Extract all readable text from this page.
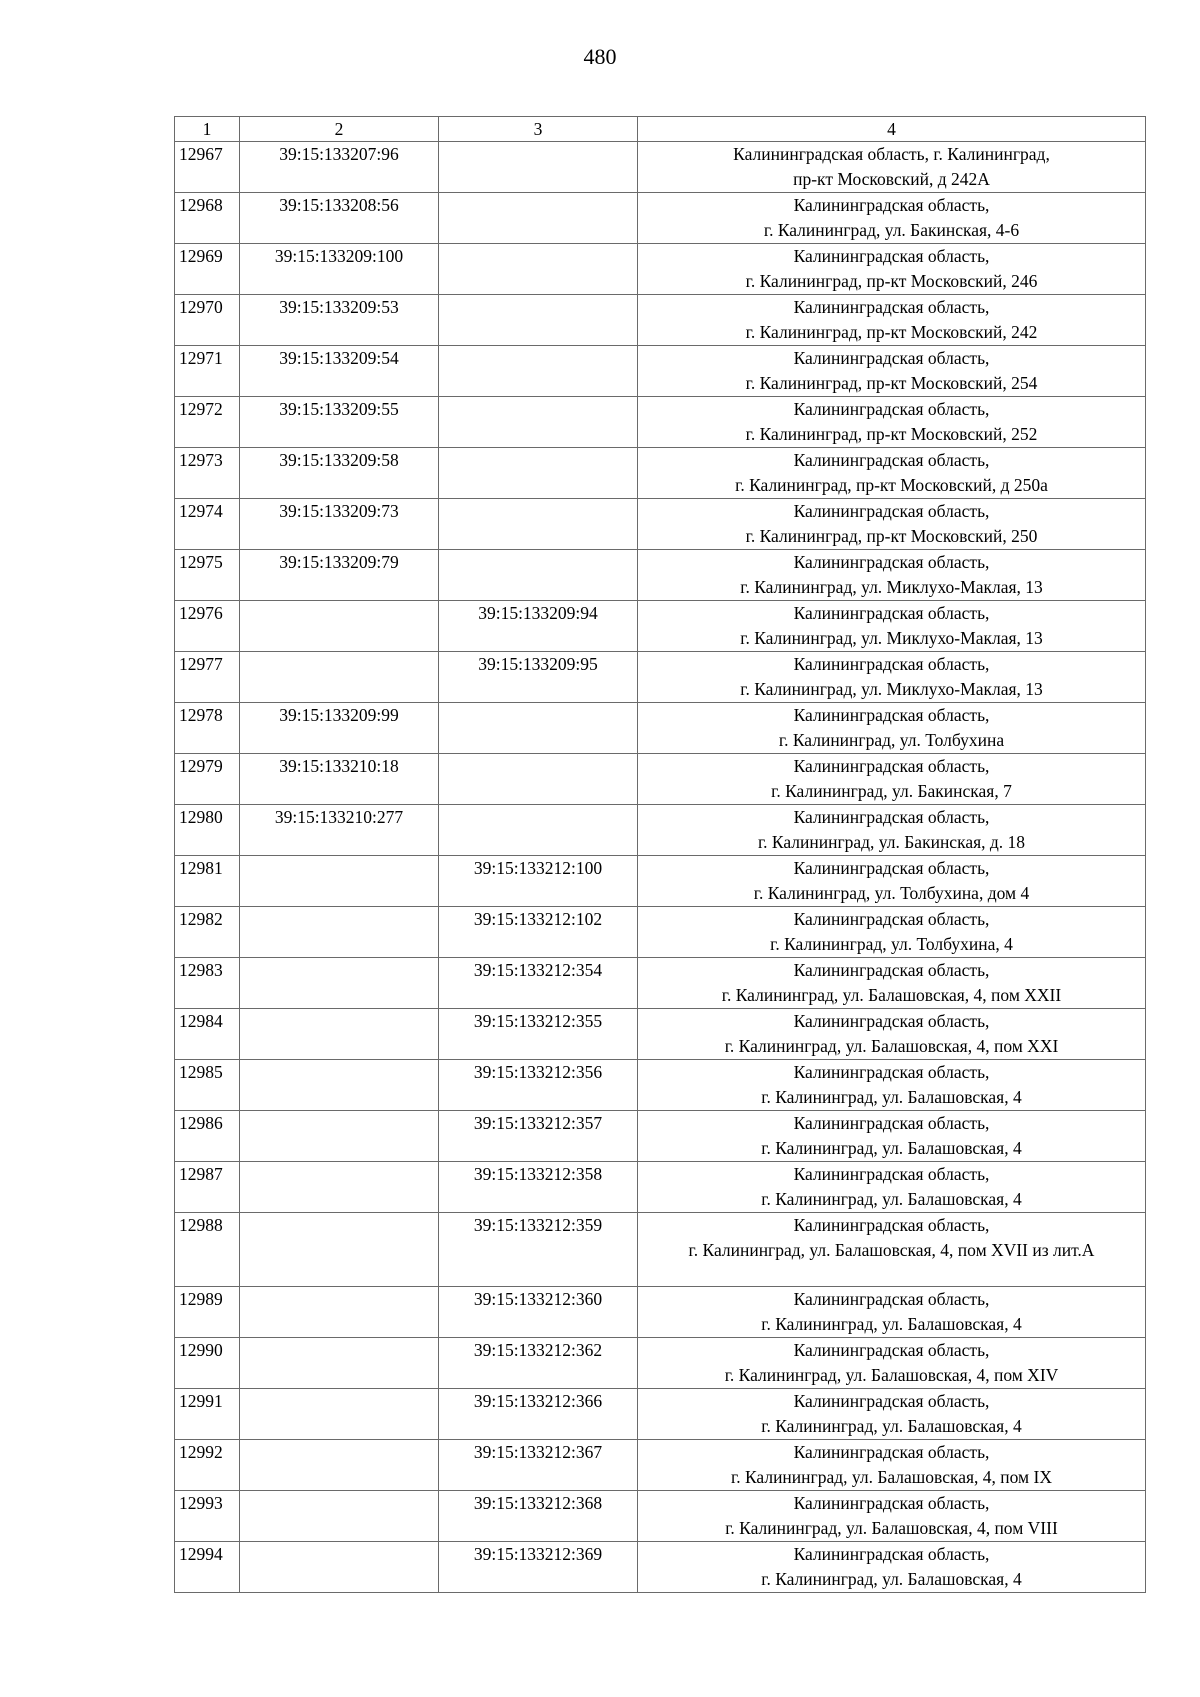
480
1	2	3	4
12967	39:15:133207:96		Калининградская область, г. Калининград,
пр-кт Московский, д 242А

12968	39:15:133208:56		Калининградская область,
г. Калининград, ул. Бакинская, 4-6

12969	39:15:133209:100		Калининградская область,
г. Калининград, пр-кт Московский, 246

12970	39:15:133209:53		Калининградская область,
г. Калининград, пр-кт Московский, 242

12971	39:15:133209:54		Калининградская область,
г. Калининград, пр-кт Московский, 254

12972	39:15:133209:55		Калининградская область,
г. Калининград, пр-кт Московский, 252

12973	39:15:133209:58		Калининградская область,
г. Калининград, пр-кт Московский, д 250а

12974	39:15:133209:73		Калининградская область,
г. Калининград, пр-кт Московский, 250

12975	39:15:133209:79		Калининградская область,
г. Калининград, ул. Миклухо-Маклая, 13

12976		39:15:133209:94	Калининградская область,
г. Калининград, ул. Миклухо-Маклая, 13

12977		39:15:133209:95	Калининградская область,
г. Калининград, ул. Миклухо-Маклая, 13

12978	39:15:133209:99		Калининградская область,
г. Калининград, ул. Толбухина

12979	39:15:133210:18		Калининградская область,
г. Калининград, ул. Бакинская, 7

12980	39:15:133210:277		Калининградская область,
г. Калининград, ул. Бакинская, д. 18

12981		39:15:133212:100	Калининградская область,
г. Калининград, ул. Толбухина, дом 4

12982		39:15:133212:102	Калининградская область,
г. Калининград, ул. Толбухина, 4

12983		39:15:133212:354	Калининградская область,
г. Калининград, ул. Балашовская, 4, пом XXII

12984		39:15:133212:355	Калининградская область,
г. Калининград, ул. Балашовская, 4, пом XXI

12985		39:15:133212:356	Калининградская область,
г. Калининград, ул. Балашовская, 4

12986		39:15:133212:357	Калининградская область,
г. Калининград, ул. Балашовская, 4

12987		39:15:133212:358	Калининградская область,
г. Калининград, ул. Балашовская, 4

12988		39:15:133212:359	Калининградская область,
г. Калининград, ул. Балашовская, 4, пом XVII из лит.А

12989		39:15:133212:360	Калининградская область,
г. Калининград, ул. Балашовская, 4

12990		39:15:133212:362	Калининградская область,
г. Калининград, ул. Балашовская, 4, пом XIV

12991		39:15:133212:366	Калининградская область,
г. Калининград, ул. Балашовская, 4

12992		39:15:133212:367	Калининградская область,
г. Калининград, ул. Балашовская, 4, пом IX

12993		39:15:133212:368	Калининградская область,
г. Калининград, ул. Балашовская, 4, пом VIII

12994		39:15:133212:369	Калининградская область,
г. Калининград, ул. Балашовская, 4
